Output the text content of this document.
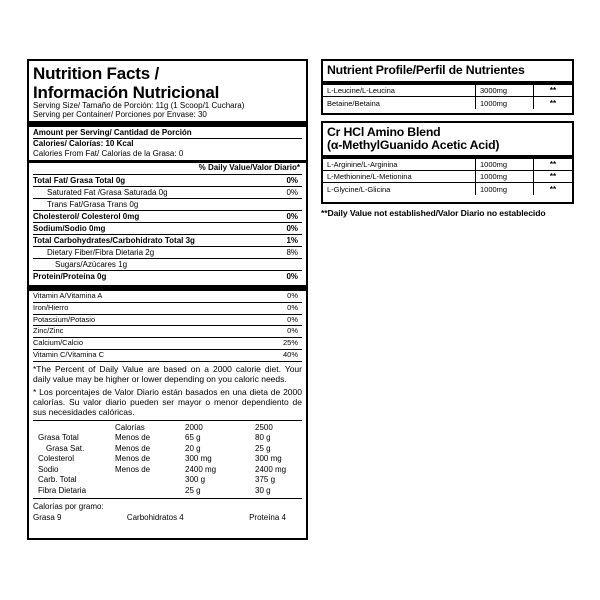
Nutrition Facts /
Información Nutricional
Serving Size/ Tamaño de Porción: 11g (1 Scoop/1 Cuchara)
Serving per Container/ Porciones por Envase: 30
Amount per Serving/ Cantidad de Porción
Calories/ Calorías: 10 Kcal
Calories From Fat/ Calorias de la Grasa: 0
% Daily Value/Valor Diario*
Total Fat/ Grasa Total 0g	0%
Saturated Fat /Grasa Saturada 0g	0%
Trans Fat/Grasa Trans 0g
Cholesterol/ Colesterol 0mg	0%
Sodium/Sodio 0mg	0%
Total Carbohydrates/Carbohidrato Total 3g	1%
Dietary Fiber/Fibra Dietaria 2g	8%
Sugars/Azúcares 1g
Protein/Proteína 0g	0%
Vitamin A/Vitamina A	0%
Iron/Hierro	0%
Potassium/Potasio	0%
Zinc/Zinc	0%
Calcium/Calcio	25%
Vitamin C/Vitamina C	40%
*The Percent of Daily Value are based on a 2000 calorie diet. Your daily value may be higher or lower depending on you caloric needs.
* Los porcentajes de Valor Diario están basados en una dieta de 2000 calorías. Su valor diario pueden ser mayor o menor dependiento de sus necesidades calóricas.
	Calorías	2000	2500
Grasa Total	Menos de	65 g	80 g
Grasa Sat.	Menos de	20 g	25 g
Colesterol	Menos de	300 mg	300 mg
Sodio	Menos de	2400 mg	2400 mg
Carb. Total		300 g	375 g
Fibra Dietaria		25 g	30 g
Calorías por gramo:
Grasa 9	Carbohidratos 4	Proteína 4
Nutrient Profile/Perfil de Nutrientes
L-Leucine/L-Leucina	3000mg	**
Betaine/Betaina	1000mg	**
Cr HCl Amino Blend
(α-MethylGuanido Acetic Acid)
L-Arginine/L-Arginina	1000mg	**
L-Methionine/L-Metionina	1000mg	**
L-Glycine/L-Glicina	1000mg	**
**Daily Value not established/Valor Diario no establecido
